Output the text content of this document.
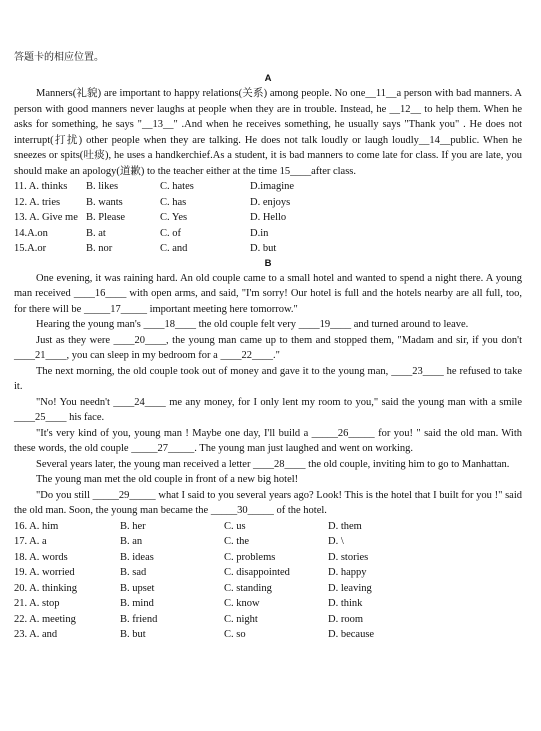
答题卡的相应位置。
A

Manners(礼貌) are important to happy relations(关系) among people. No one__11__a person with bad manners. A person with good manners never laughs at people when they are in trouble. Instead, he __12__ to help them. When he asks for something, he says "__13__" .And when he receives something, he usually says "Thank you" . He does not interrupt(打扰) other people when they are talking. He does not talk loudly or laugh loudly__14__public. When he sneezes or spits(吐痰), he uses a handkerchief.As a student, it is bad manners to come late for class. If you are late, you should make an apology(道歉) to the teacher either at the time 15____after class.

11. A. thinks	B. likes	C. hates	D.imagine
12. A. tries	B. wants	C. has	D. enjoys
13. A. Give me B. Please	C. Yes	D. Hello
14.A.on	B. at	C. of	D.in
15.A.or	B. nor	C. and	D. but
B

One evening, it was raining hard. An old couple came to a small hotel and wanted to spend a night there. A young man received ____16____ with open arms, and said, "I'm sorry! Our hotel is full and the hotels nearby are all full, too, for there will be _____17_____ important meeting here tomorrow."

Hearing the young man's ____18____ the old couple felt very ____19____ and turned around to leave.

Just as they were ____20____, the young man came up to them and stopped them, "Madam and sir, if you don't ____21____, you can sleep in my bedroom for a ____22____."

The next morning, the old couple took out of money and gave it to the young man, ____23____ he refused to take it.

"No! You needn't ____24____ me any money, for I only lent my room to you," said the young man with a smile ____25____ his face.

"It's very kind of you, young man ! Maybe one day, I'll build a _____26_____ for you! " said the old man. With these words, the old couple _____27_____. The young man just laughed and went on working.

Several years later, the young man received a letter ____28____ the old couple, inviting him to go to Manhattan.

The young man met the old couple in front of a new big hotel!

"Do you still _____29_____ what I said to you several years ago? Look! This is the hotel that I built for you !" said the old man. Soon, the young man became the _____30_____ of the hotel.

16. A. him	B. her	C. us	D. them
17. A. a	B. an	C. the	D. \
18. A. words	B. ideas	C. problems	D. stories
19. A. worried	B. sad	C. disappointed	D. happy
20. A. thinking	B. upset	C. standing	D. leaving
21. A. stop	B. mind	C. know	D. think
22. A. meeting	B. friend	C. night	D. room
23. A. and	B. but	C. so	D. because
